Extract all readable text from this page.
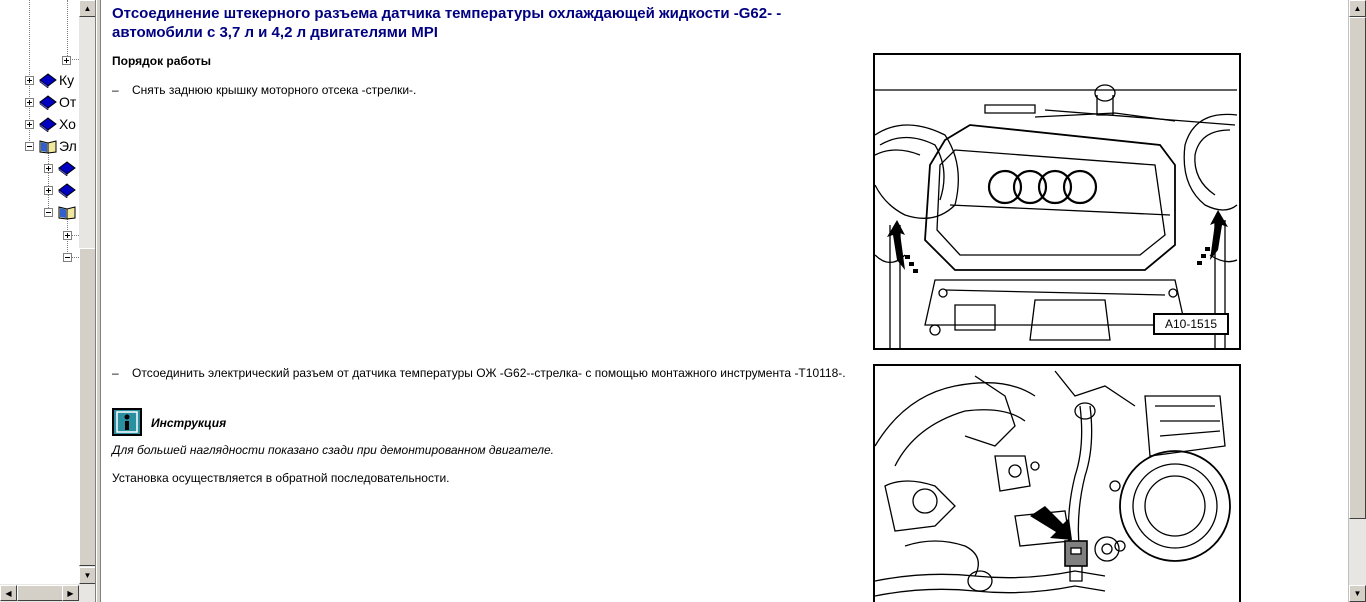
Ку
От
Хо
Эл
▲
▼
◀	▶
Отсоединение штекерного разъема датчика температуры охлаждающей жидкости -G62- - автомобили с 3,7 л и 4,2 л двигателями MPI
Порядок работы
–	Снять заднюю крышку моторного отсека -стрелки-.
–	Отсоединить электрический разъем от датчика температуры ОЖ -G62--стрелка- с помощью монтажного инструмента -T10118-.
Инструкция
Для большей наглядности показано сзади при демонтированном двигателе.
Установка осуществляется в обратной последовательности.
A10-1515
▲
▼
